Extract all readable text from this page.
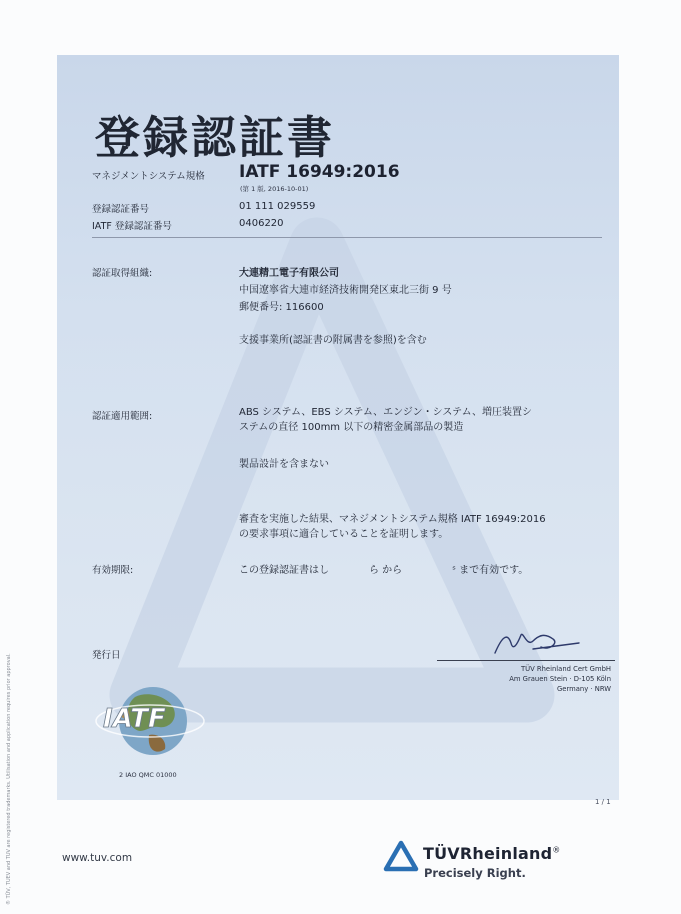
登録認証書
マネジメントシステム規格 IATF 16949:2016
(第 1 版, 2016-10-01)
登録認証番号	01 111 029559
IATF 登録認証番号	0406220
認証取得組織:	大連精工電子有限公司
中国遼寧省大連市経済技術開発区東北三街 9 号
郵便番号: 116600
支援事業所(認証書の附属書を参照)を含む
認証適用範囲:	ABS システム、EBS システム、エンジン・システム、増圧装置シ
ステムの直径 100mm 以下の精密金属部品の製造
製品設計を含まない
審査を実施した結果、マネジメントシステム規格 IATF 16949:2016
の要求事項に適合していることを証明します。
有効期限:	この登録認証書はし　　　　ら から　　　　　ˢ まで有効です。
発行日
TÜV Rheinland Cert GmbH
Am Grauen Stein · D-105 Köln
Germany · NRW
IATF
2 IAO QMC 01000
1 / 1
® TÜV, TUEV and TUV are registered trademarks. Utilisation and application requires prior approval.	www.tuv.com	TÜVRheinland®
Precisely Right.
